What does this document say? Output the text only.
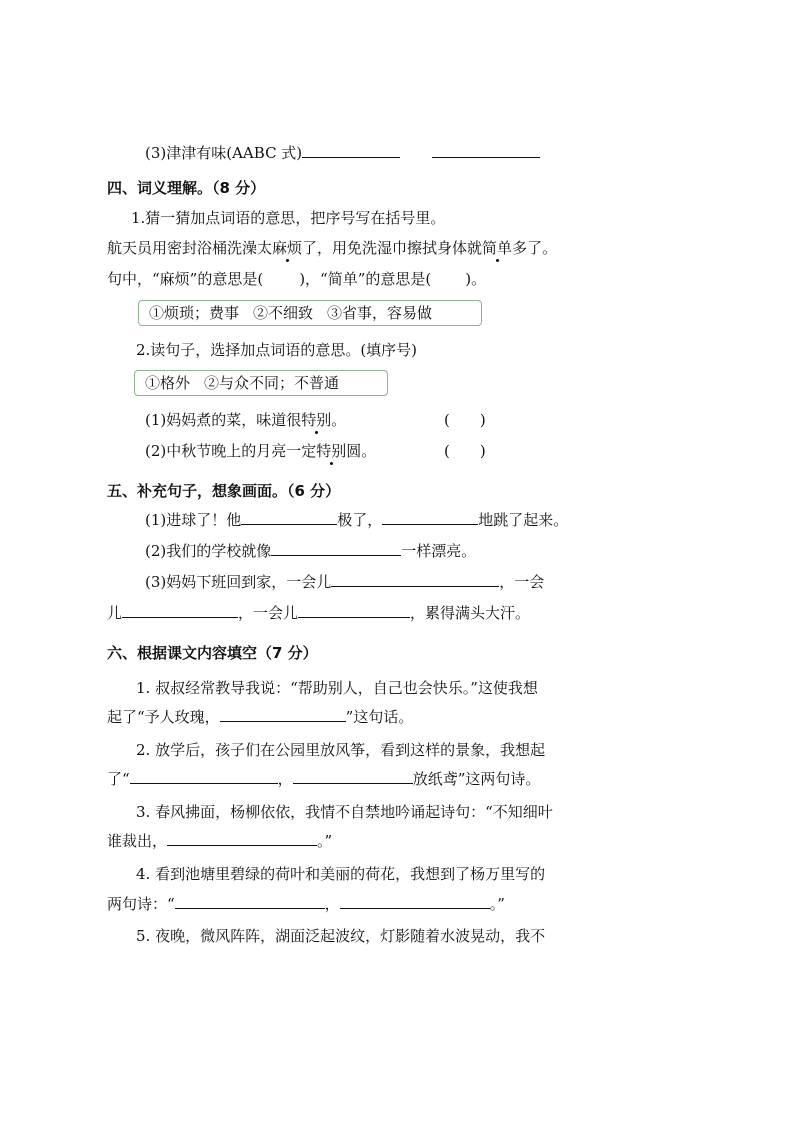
(3)津津有味(AABC 式)
四、词义理解。（8 分）
1.猜一猜加点词语的意思，把序号写在括号里。
航天员用密封浴桶洗澡太麻烦了，用免洗湿巾擦拭身体就简单多了。
句中，“麻烦”的意思是( )，“简单”的意思是( )。
①烦琐；费事 ②不细致 ③省事，容易做
2.读句子，选择加点词语的意思。(填序号)
①格外 ②与众不同；不普通
(1)妈妈煮的菜，味道很特别。	( )
(2)中秋节晚上的月亮一定特别圆。	( )
五、补充句子，想象画面。（6 分）
(1)进球了！他	极了，	地跳了起来。
(2)我们的学校就像	一样漂亮。
(3)妈妈下班回到家，一会儿	，一会
儿	，一会儿	，累得满头大汗。
六、根据课文内容填空（7 分）
1. 叔叔经常教导我说：“帮助别人，自己也会快乐。”这使我想
起了“予人玫瑰，	”这句话。
2. 放学后，孩子们在公园里放风筝，看到这样的景象，我想起
了“	，	放纸鸢”这两句诗。
3. 春风拂面，杨柳依依，我情不自禁地吟诵起诗句：“不知细叶
谁裁出，	。”
4. 看到池塘里碧绿的荷叶和美丽的荷花，我想到了杨万里写的
两句诗：“	，	。”
5. 夜晚，微风阵阵，湖面泛起波纹，灯影随着水波晃动，我不
